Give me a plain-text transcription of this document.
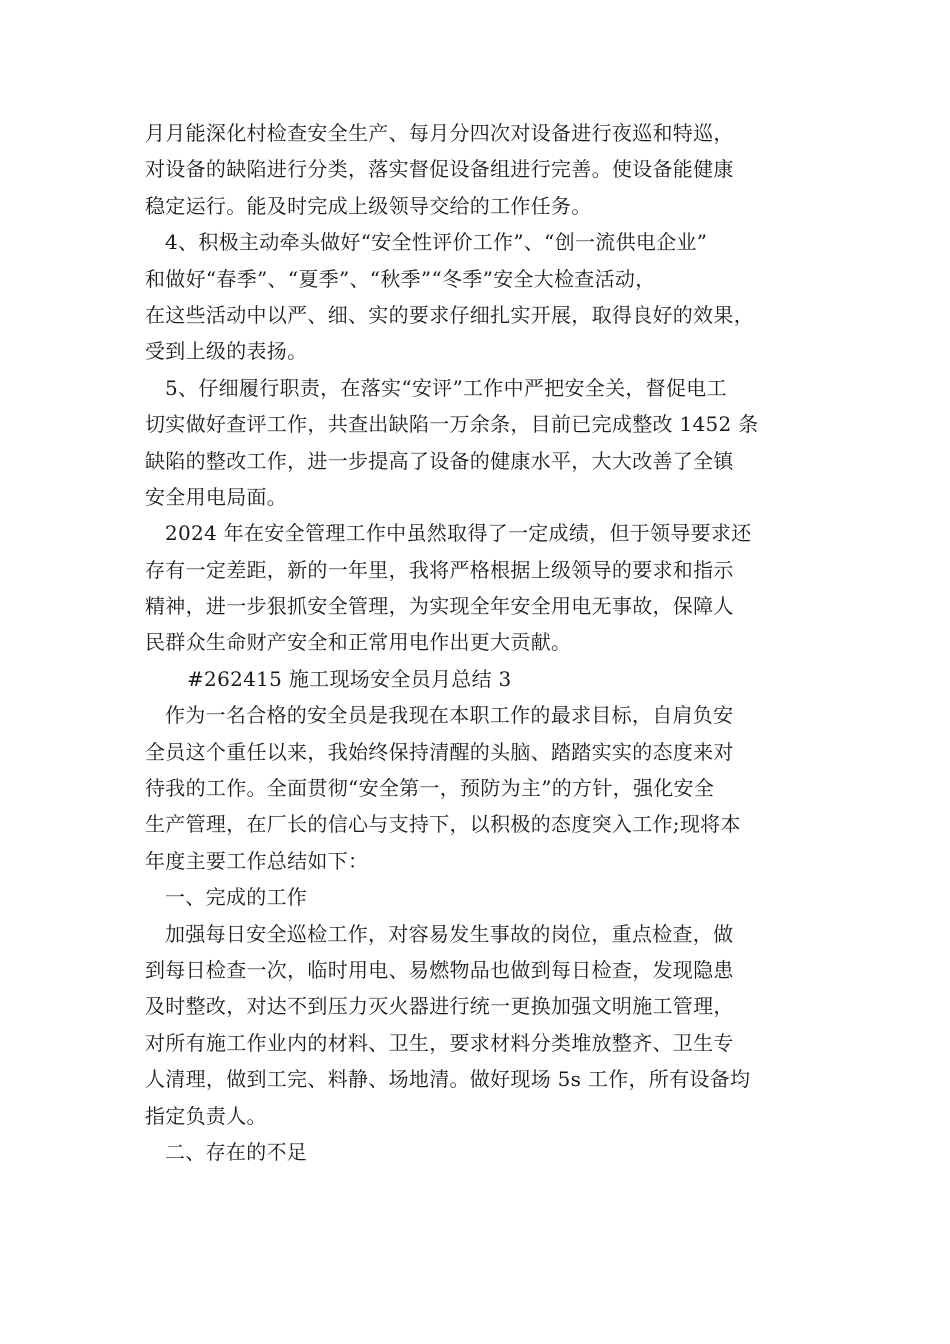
月月能深化村检查安全生产、每月分四次对设备进行夜巡和特巡，
对设备的缺陷进行分类，落实督促设备组进行完善。使设备能健康
稳定运行。能及时完成上级领导交给的工作任务。
4、积极主动牵头做好“安全性评价工作”、“创一流供电企业”
和做好“春季”、“夏季”、“秋季”“冬季”安全大检查活动，
在这些活动中以严、细、实的要求仔细扎实开展，取得良好的效果，
受到上级的表扬。
5、仔细履行职责，在落实“安评”工作中严把安全关，督促电工
切实做好查评工作，共查出缺陷一万余条，目前已完成整改 1452 条
缺陷的整改工作，进一步提高了设备的健康水平，大大改善了全镇
安全用电局面。
2024 年在安全管理工作中虽然取得了一定成绩，但于领导要求还
存有一定差距，新的一年里，我将严格根据上级领导的要求和指示
精神，进一步狠抓安全管理，为实现全年安全用电无事故，保障人
民群众生命财产安全和正常用电作出更大贡献。
#262415 施工现场安全员月总结 3
作为一名合格的安全员是我现在本职工作的最求目标，自肩负安
全员这个重任以来，我始终保持清醒的头脑、踏踏实实的态度来对
待我的工作。全面贯彻“安全第一，预防为主”的方针，强化安全
生产管理，在厂长的信心与支持下，以积极的态度突入工作;现将本
年度主要工作总结如下：
一、完成的工作
加强每日安全巡检工作，对容易发生事故的岗位，重点检查，做
到每日检查一次，临时用电、易燃物品也做到每日检查，发现隐患
及时整改，对达不到压力灭火器进行统一更换加强文明施工管理，
对所有施工作业内的材料、卫生，要求材料分类堆放整齐、卫生专
人清理，做到工完、料静、场地清。做好现场 5s 工作，所有设备均
指定负责人。
二、存在的不足
